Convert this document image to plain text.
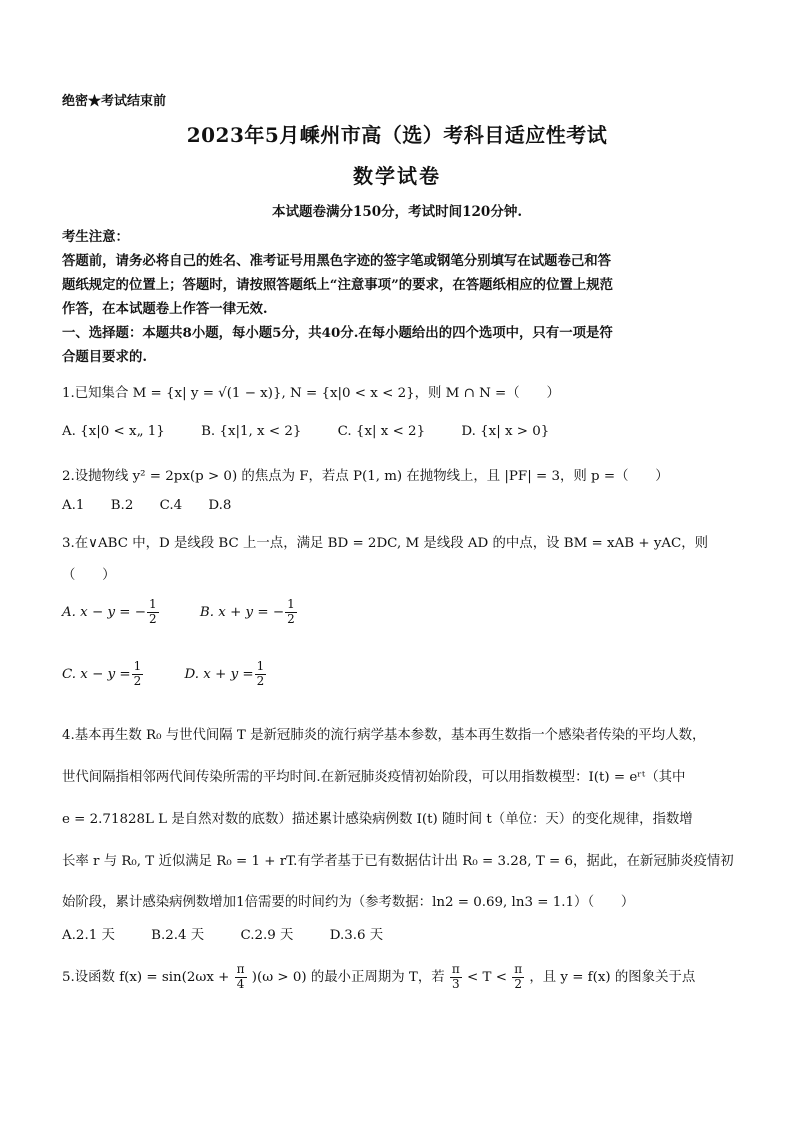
绝密★考试结束前
2023年5月嵊州市高（选）考科目适应性考试
数学试卷
本试题卷满分150分，考试时间120分钟.
考生注意：
答题前，请务必将自己的姓名、准考证号用黑色字迹的签字笔或钢笔分别填写在试题卷己和答
题纸规定的位置上；答题时，请按照答题纸上“注意事项”的要求，在答题纸相应的位置上规范
作答，在本试题卷上作答一律无效.
一、选择题：本题共8小题，每小题5分，共40分.在每小题给出的四个选项中，只有一项是符
合题目要求的.
1.已知集合 M = {x| y = √(1 − x)}, N = {x|0 < x < 2}，则 M ∩ N =（　　）
A. {x|0 < x„ 1}	B. {x|1, x < 2}	C. {x| x < 2}	D. {x| x > 0}
2.设抛物线 y² = 2px(p > 0) 的焦点为 F，若点 P(1, m) 在抛物线上，且 |PF| = 3，则 p =（　　）
A.1 B.2 C.4 D.8
3.在∨ABC 中，D 是线段 BC 上一点，满足 BD = 2DC, M 是线段 AD 的中点，设 BM = xAB + yAC，则
（　　）
A. x − y = − $\frac{1}{2}$	B. x + y = − $\frac{1}{2}$
C. $x - y = \frac{1}{2}$	D. $x + y = \frac{1}{2}$
4.基本再生数 R₀ 与世代间隔 T 是新冠肺炎的流行病学基本参数，基本再生数指一个感染者传染的平均人数，
世代间隔指相邻两代间传染所需的平均时间.在新冠肺炎疫情初始阶段，可以用指数模型：I(t) = eʳᵗ（其中
e = 2.71828L L 是自然对数的底数）描述累计感染病例数 I(t) 随时间 t（单位：天）的变化规律，指数增
长率 r 与 R₀, T 近似满足 R₀ = 1 + rT.有学者基于已有数据估计出 R₀ = 3.28, T = 6，据此，在新冠肺炎疫情初
始阶段，累计感染病例数增加1倍需要的时间约为（参考数据：ln2 = 0.69, ln3 = 1.1）（　　）
A.2.1 天	B.2.4 天	C.2.9 天	D.3.6 天
5.设函数 $f(x) = \sin(2\omega x + \frac{\pi}{4} )(\omega > 0)$ 的最小正周期为 T，若 $\frac{\pi}{3} < T < \frac{\pi}{2}$ ，且 y = f(x) 的图象关于点
